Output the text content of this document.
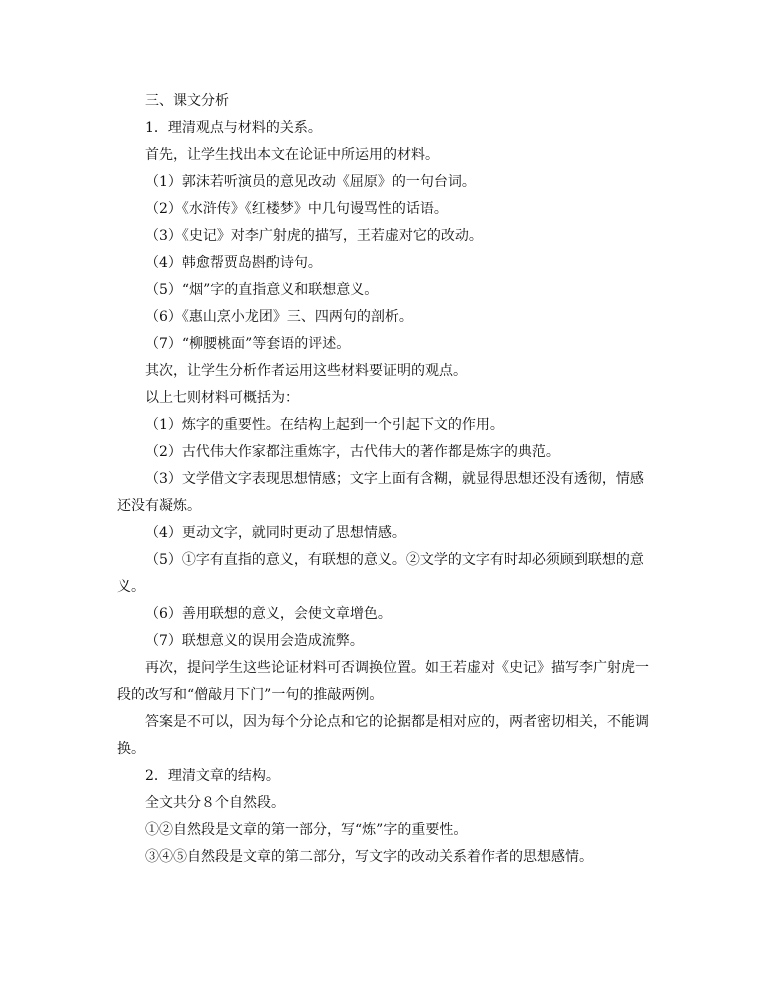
三、课文分析

1．理清观点与材料的关系。

首先，让学生找出本文在论证中所运用的材料。

（1）郭沫若听演员的意见改动《屈原》的一句台词。

（2）《水浒传》《红楼梦》中几句谩骂性的话语。

（3）《史记》对李广射虎的描写，王若虚对它的改动。

（4）韩愈帮贾岛斟酌诗句。

（5）“烟”字的直指意义和联想意义。

（6）《惠山烹小龙团》三、四两句的剖析。

（7）“柳腰桃面”等套语的评述。

其次，让学生分析作者运用这些材料要证明的观点。

以上七则材料可概括为：

（1）炼字的重要性。在结构上起到一个引起下文的作用。

（2）古代伟大作家都注重炼字，古代伟大的著作都是炼字的典范。

（3）文学借文字表现思想情感；文字上面有含糊，就显得思想还没有透彻，情感还没有凝炼。

（4）更动文字，就同时更动了思想情感。

（5）①字有直指的意义，有联想的意义。②文学的文字有时却必须顾到联想的意义。

（6）善用联想的意义，会使文章增色。

（7）联想意义的误用会造成流弊。

再次，提问学生这些论证材料可否调换位置。如王若虚对《史记》描写李广射虎一段的改写和“僧敲月下门”一句的推敲两例。

答案是不可以，因为每个分论点和它的论据都是相对应的，两者密切相关，不能调换。

2．理清文章的结构。

全文共分８个自然段。

①②自然段是文章的第一部分，写“炼”字的重要性。

③④⑤自然段是文章的第二部分，写文字的改动关系着作者的思想感情。
